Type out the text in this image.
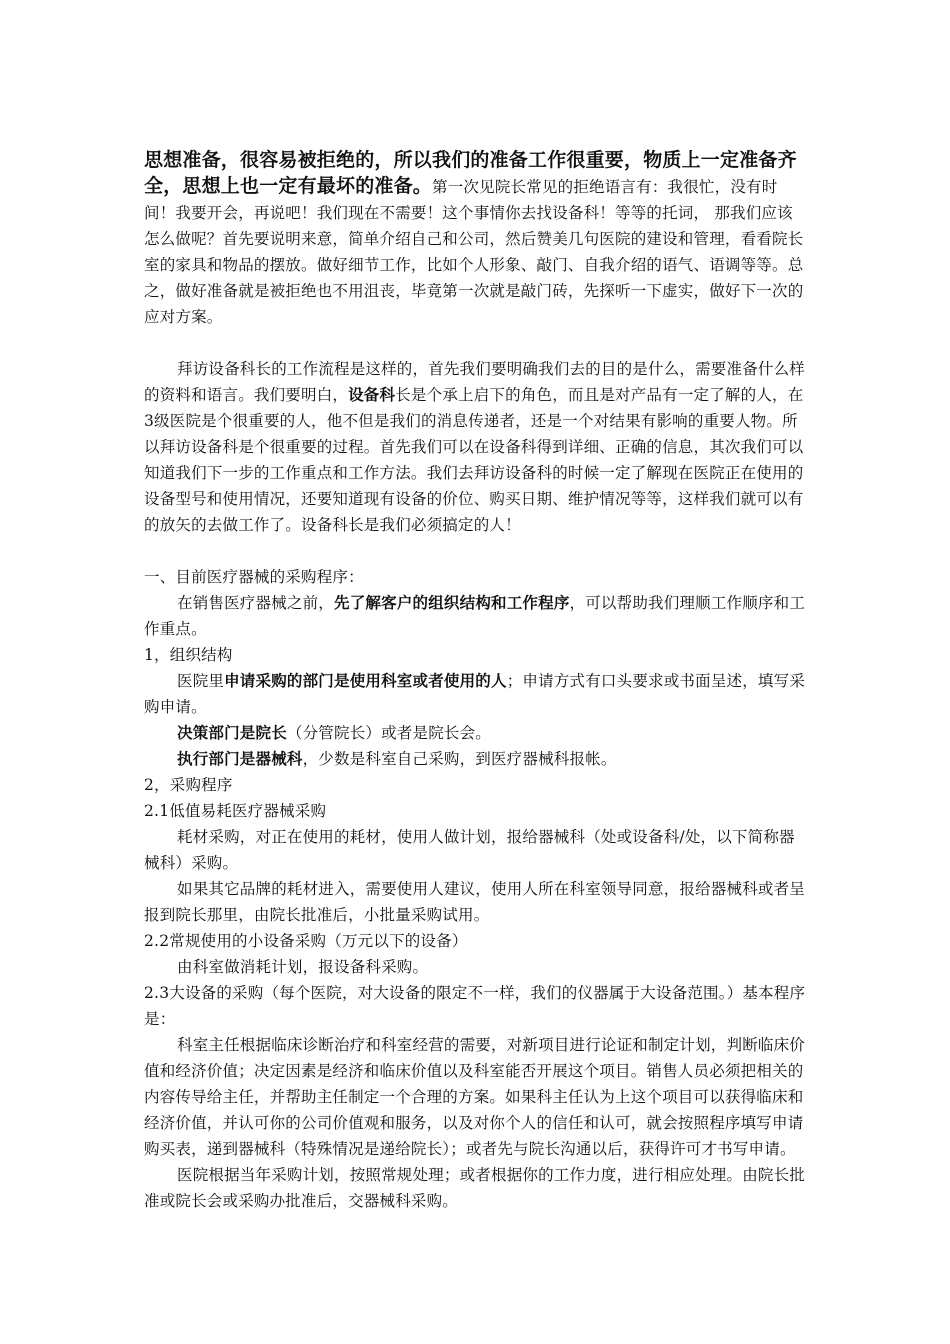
思想准备，很容易被拒绝的，所以我们的准备工作很重要，物质上一定准备齐全，思想上也一定有最坏的准备。第一次见院长常见的拒绝语言有：我很忙，没有时间！我要开会，再说吧！我们现在不需要！这个事情你去找设备科！等等的托词， 那我们应该怎么做呢？首先要说明来意，简单介绍自己和公司，然后赞美几句医院的建设和管理，看看院长室的家具和物品的摆放。做好细节工作，比如个人形象、敲门、自我介绍的语气、语调等等。总之，做好准备就是被拒绝也不用沮丧，毕竟第一次就是敲门砖，先探听一下虚实，做好下一次的应对方案。

拜访设备科长的工作流程是这样的，首先我们要明确我们去的目的是什么，需要准备什么样的资料和语言。我们要明白，设备科长是个承上启下的角色，而且是对产品有一定了解的人，在3级医院是个很重要的人，他不但是我们的消息传递者，还是一个对结果有影响的重要人物。所以拜访设备科是个很重要的过程。首先我们可以在设备科得到详细、正确的信息，其次我们可以知道我们下一步的工作重点和工作方法。我们去拜访设备科的时候一定了解现在医院正在使用的设备型号和使用情况，还要知道现有设备的价位、购买日期、维护情况等等，这样我们就可以有的放矢的去做工作了。设备科长是我们必须搞定的人！

一、目前医疗器械的采购程序：

在销售医疗器械之前，先了解客户的组织结构和工作程序，可以帮助我们理顺工作顺序和工作重点。

1，组织结构

医院里申请采购的部门是使用科室或者使用的人；申请方式有口头要求或书面呈述，填写采购申请。

决策部门是院长（分管院长）或者是院长会。

执行部门是器械科，少数是科室自己采购，到医疗器械科报帐。

2，采购程序

2.1低值易耗医疗器械采购

耗材采购，对正在使用的耗材，使用人做计划，报给器械科（处或设备科/处，以下简称器械科）采购。

如果其它品牌的耗材进入，需要使用人建议，使用人所在科室领导同意，报给器械科或者呈报到院长那里，由院长批准后，小批量采购试用。

2.2常规使用的小设备采购（万元以下的设备）

由科室做消耗计划，报设备科采购。

2.3大设备的采购（每个医院，对大设备的限定不一样，我们的仪器属于大设备范围。）基本程序是：

科室主任根据临床诊断治疗和科室经营的需要，对新项目进行论证和制定计划，判断临床价值和经济价值；决定因素是经济和临床价值以及科室能否开展这个项目。销售人员必须把相关的内容传导给主任，并帮助主任制定一个合理的方案。如果科主任认为上这个项目可以获得临床和经济价值，并认可你的公司价值观和服务，以及对你个人的信任和认可，就会按照程序填写申请购买表，递到器械科（特殊情况是递给院长）；或者先与院长沟通以后，获得许可才书写申请。

医院根据当年采购计划，按照常规处理；或者根据你的工作力度，进行相应处理。由院长批准或院长会或采购办批准后，交器械科采购。
